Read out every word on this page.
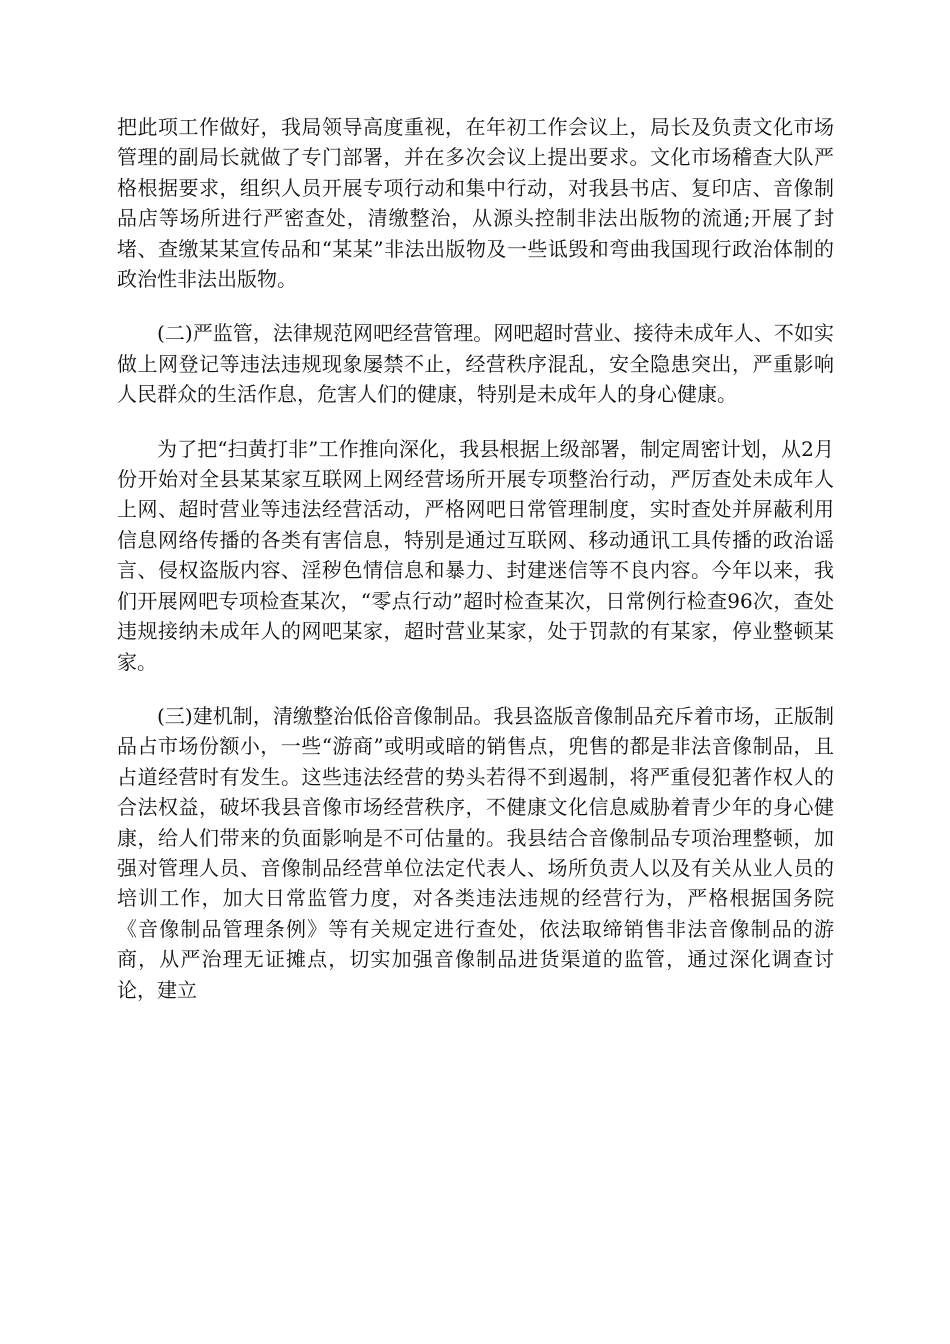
把此项工作做好，我局领导高度重视，在年初工作会议上，局长及负责文化市场管理的副局长就做了专门部署，并在多次会议上提出要求。文化市场稽查大队严格根据要求，组织人员开展专项行动和集中行动，对我县书店、复印店、音像制品店等场所进行严密查处，清缴整治，从源头控制非法出版物的流通;开展了封堵、查缴某某宣传品和“某某”非法出版物及一些诋毁和弯曲我国现行政治体制的政治性非法出版物。

(二)严监管，法律规范网吧经营管理。网吧超时营业、接待未成年人、不如实做上网登记等违法违规现象屡禁不止，经营秩序混乱，安全隐患突出，严重影响人民群众的生活作息，危害人们的健康，特别是未成年人的身心健康。

为了把“扫黄打非”工作推向深化，我县根据上级部署，制定周密计划，从2月份开始对全县某某家互联网上网经营场所开展专项整治行动，严厉查处未成年人上网、超时营业等违法经营活动，严格网吧日常管理制度，实时查处并屏蔽利用信息网络传播的各类有害信息，特别是通过互联网、移动通讯工具传播的政治谣言、侵权盗版内容、淫秽色情信息和暴力、封建迷信等不良内容。今年以来，我们开展网吧专项检查某次，“零点行动”超时检查某次，日常例行检查96次，查处违规接纳未成年人的网吧某家，超时营业某家，处于罚款的有某家，停业整顿某家。

(三)建机制，清缴整治低俗音像制品。我县盗版音像制品充斥着市场，正版制品占市场份额小，一些“游商”或明或暗的销售点，兜售的都是非法音像制品，且占道经营时有发生。这些违法经营的势头若得不到遏制，将严重侵犯著作权人的合法权益，破坏我县音像市场经营秩序，不健康文化信息威胁着青少年的身心健康，给人们带来的负面影响是不可估量的。我县结合音像制品专项治理整顿，加强对管理人员、音像制品经营单位法定代表人、场所负责人以及有关从业人员的培训工作，加大日常监管力度，对各类违法违规的经营行为，严格根据国务院《音像制品管理条例》等有关规定进行查处，依法取缔销售非法音像制品的游商，从严治理无证摊点，切实加强音像制品进货渠道的监管，通过深化调查讨论，建立
